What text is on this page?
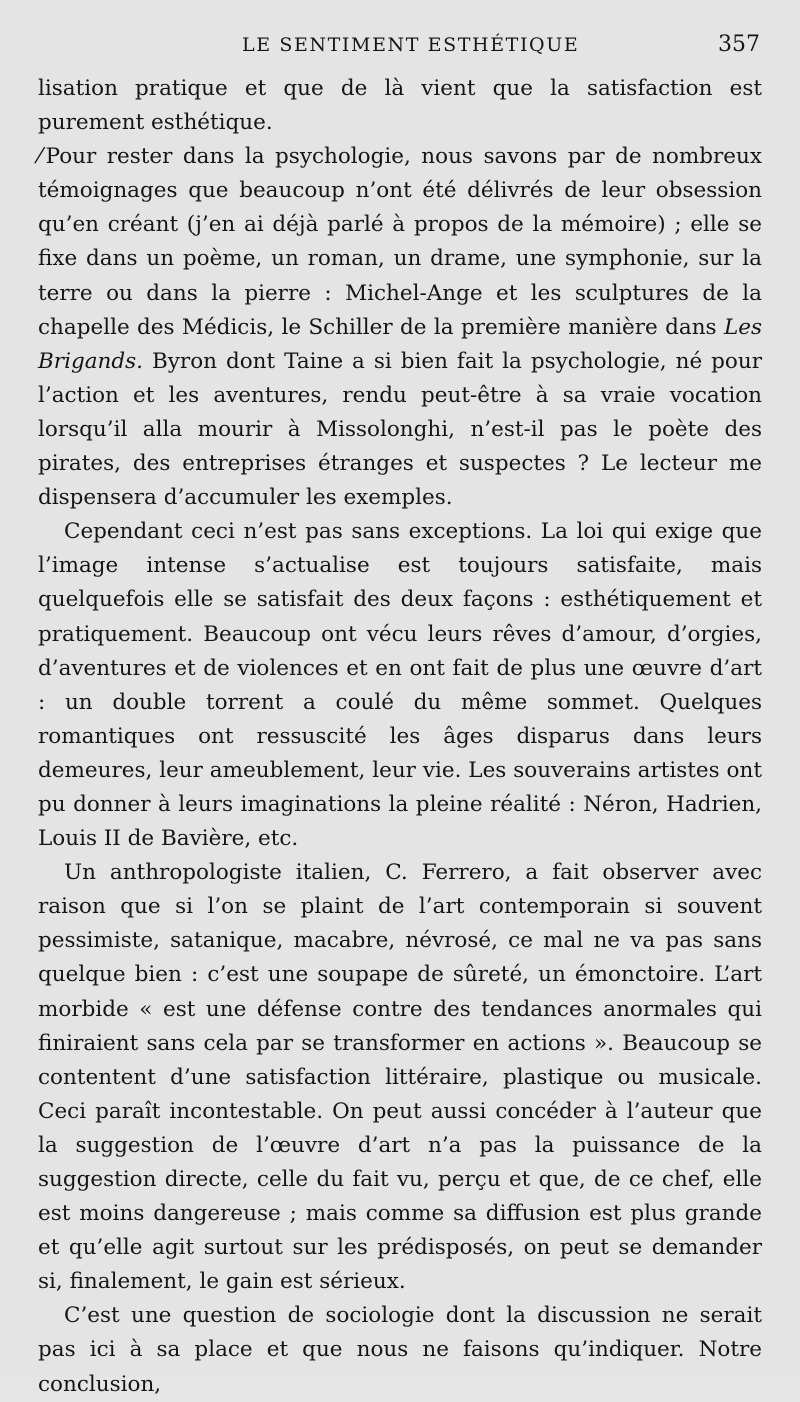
LE SENTIMENT ESTHÉTIQUE	357

lisation pratique et que de là vient que la satisfaction est purement esthétique.

⁄ Pour rester dans la psychologie, nous savons par de nombreux témoignages que beaucoup n’ont été délivrés de leur obsession qu’en créant (j’en ai déjà parlé à propos de la mémoire) ; elle se fixe dans un poème, un roman, un drame, une symphonie, sur la terre ou dans la pierre : Michel-Ange et les sculptures de la chapelle des Médicis, le Schiller de la première manière dans Les Brigands. Byron dont Taine a si bien fait la psychologie, né pour l’action et les aventures, rendu peut-être à sa vraie vocation lorsqu’il alla mourir à Missolonghi, n’est-il pas le poète des pirates, des entreprises étranges et suspectes ? Le lecteur me dispensera d’accumuler les exemples.

Cependant ceci n’est pas sans exceptions. La loi qui exige que l’image intense s’actualise est toujours satisfaite, mais quelquefois elle se satisfait des deux façons : esthétiquement et pratiquement. Beaucoup ont vécu leurs rêves d’amour, d’orgies, d’aventures et de violences et en ont fait de plus une œuvre d’art : un double torrent a coulé du même sommet. Quelques romantiques ont ressuscité les âges disparus dans leurs demeures, leur ameublement, leur vie. Les souverains artistes ont pu donner à leurs imaginations la pleine réalité : Néron, Hadrien, Louis II de Bavière, etc.

Un anthropologiste italien, C. Ferrero, a fait observer avec raison que si l’on se plaint de l’art contemporain si souvent pessimiste, satanique, macabre, névrosé, ce mal ne va pas sans quelque bien : c’est une soupape de sûreté, un émonctoire. L’art morbide « est une défense contre des tendances anormales qui finiraient sans cela par se transformer en actions ». Beaucoup se contentent d’une satisfaction littéraire, plastique ou musicale. Ceci paraît incontestable. On peut aussi concéder à l’auteur que la suggestion de l’œuvre d’art n’a pas la puissance de la suggestion directe, celle du fait vu, perçu et que, de ce chef, elle est moins dangereuse ; mais comme sa diffusion est plus grande et qu’elle agit surtout sur les prédisposés, on peut se demander si, finalement, le gain est sérieux.

C’est une question de sociologie dont la discussion ne serait pas ici à sa place et que nous ne faisons qu’indiquer. Notre conclusion,
